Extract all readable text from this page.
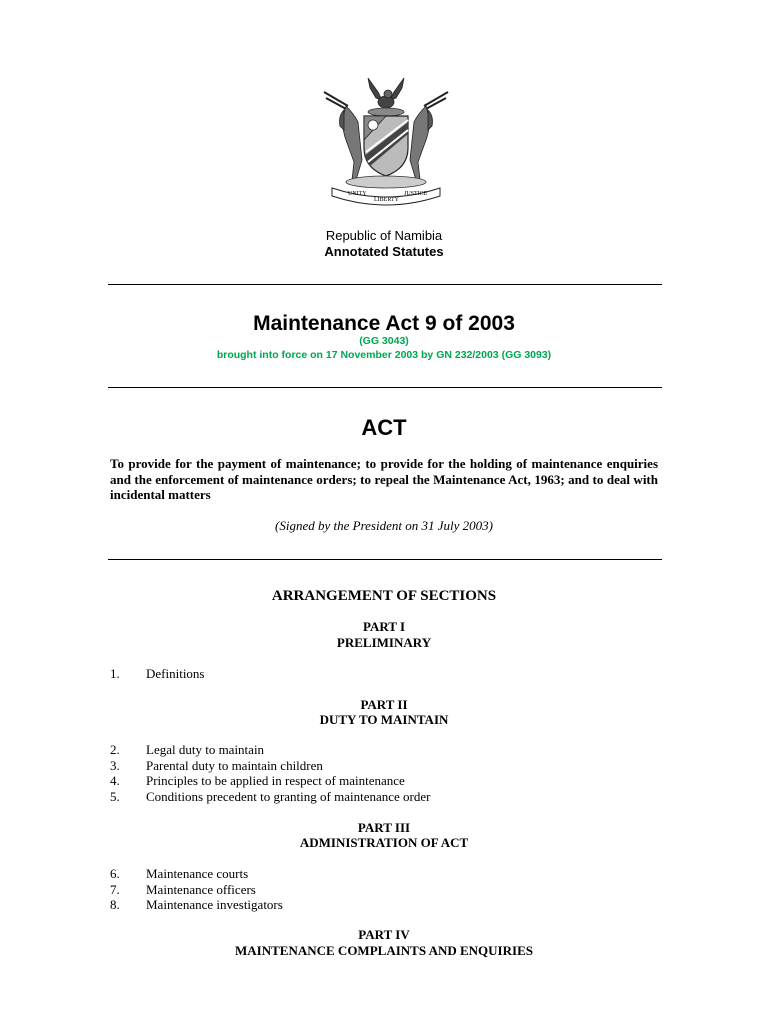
UNITY
LIBERTY
JUSTICE
Republic of Namibia
Annotated Statutes
Maintenance Act 9 of 2003
(GG 3043)
brought into force on 17 November 2003 by GN 232/2003 (GG 3093)
ACT
To provide for the payment of maintenance; to provide for the holding of maintenance enquiries and the enforcement of maintenance orders; to repeal the Maintenance Act, 1963; and to deal with incidental matters
(Signed by the President on 31 July 2003)
ARRANGEMENT OF SECTIONS
PART I
PRELIMINARY
1.	Definitions
PART II
DUTY TO MAINTAIN
2.	Legal duty to maintain
3.	Parental duty to maintain children
4.	Principles to be applied in respect of maintenance
5.	Conditions precedent to granting of maintenance order
PART III
ADMINISTRATION OF ACT
6.	Maintenance courts
7.	Maintenance officers
8.	Maintenance investigators
PART IV
MAINTENANCE COMPLAINTS AND ENQUIRIES
